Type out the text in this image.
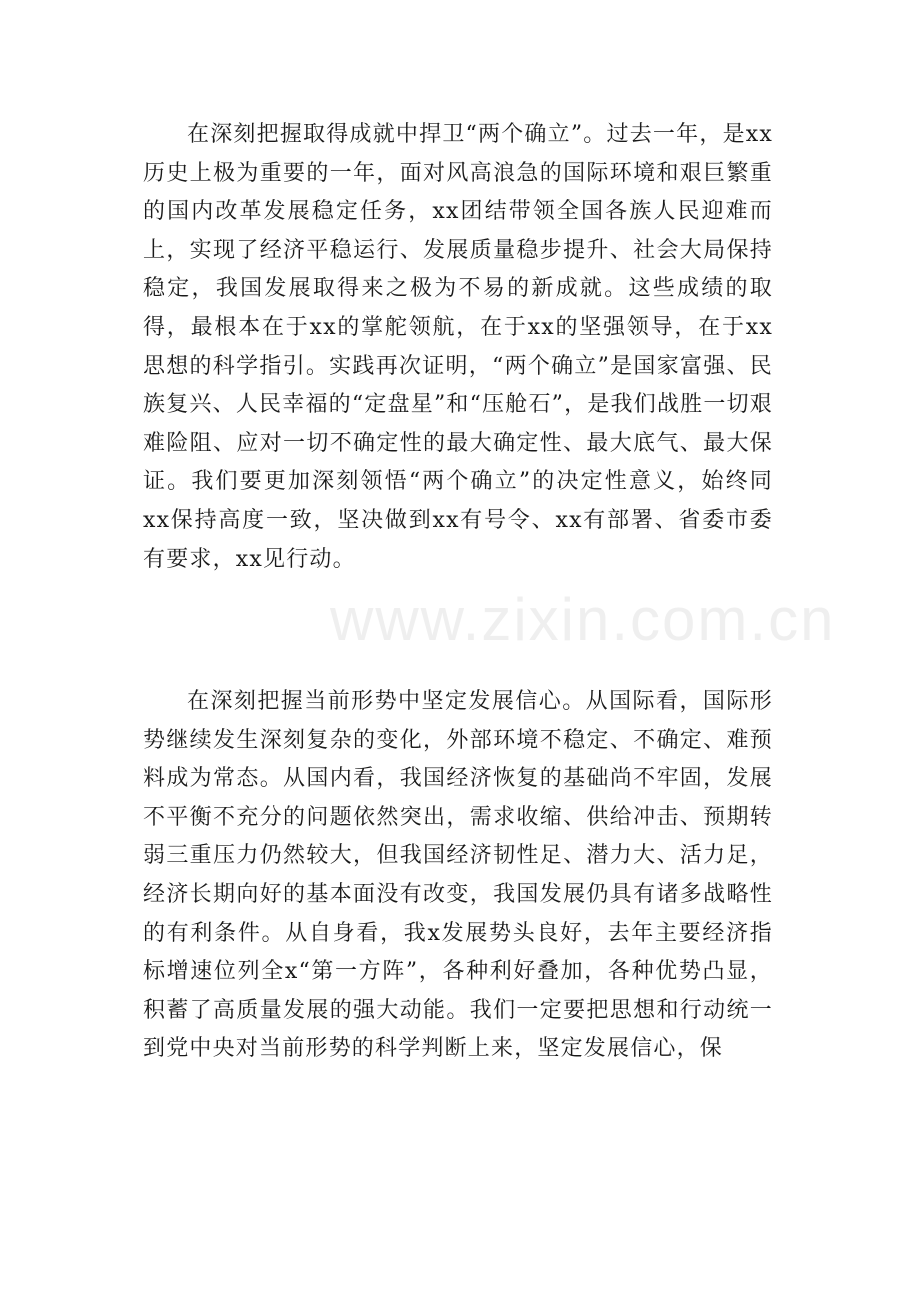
在深刻把握取得成就中捍卫“两个确立”。过去一年，是xx历史上极为重要的一年，面对风高浪急的国际环境和艰巨繁重的国内改革发展稳定任务，xx团结带领全国各族人民迎难而上，实现了经济平稳运行、发展质量稳步提升、社会大局保持稳定，我国发展取得来之极为不易的新成就。这些成绩的取得，最根本在于xx的掌舵领航，在于xx的坚强领导，在于xx思想的科学指引。实践再次证明，“两个确立”是国家富强、民族复兴、人民幸福的“定盘星”和“压舱石”，是我们战胜一切艰难险阻、应对一切不确定性的最大确定性、最大底气、最大保证。我们要更加深刻领悟“两个确立”的决定性意义，始终同xx保持高度一致，坚决做到xx有号令、xx有部署、省委市委有要求，xx见行动。

在深刻把握当前形势中坚定发展信心。从国际看，国际形势继续发生深刻复杂的变化，外部环境不稳定、不确定、难预料成为常态。从国内看，我国经济恢复的基础尚不牢固，发展不平衡不充分的问题依然突出，需求收缩、供给冲击、预期转弱三重压力仍然较大，但我国经济韧性足、潜力大、活力足，经济长期向好的基本面没有改变，我国发展仍具有诸多战略性的有利条件。从自身看，我x发展势头良好，去年主要经济指标增速位列全x“第一方阵”，各种利好叠加，各种优势凸显，积蓄了高质量发展的强大动能。我们一定要把思想和行动统一到党中央对当前形势的科学判断上来，坚定发展信心，保

www.zixin.com.cn
